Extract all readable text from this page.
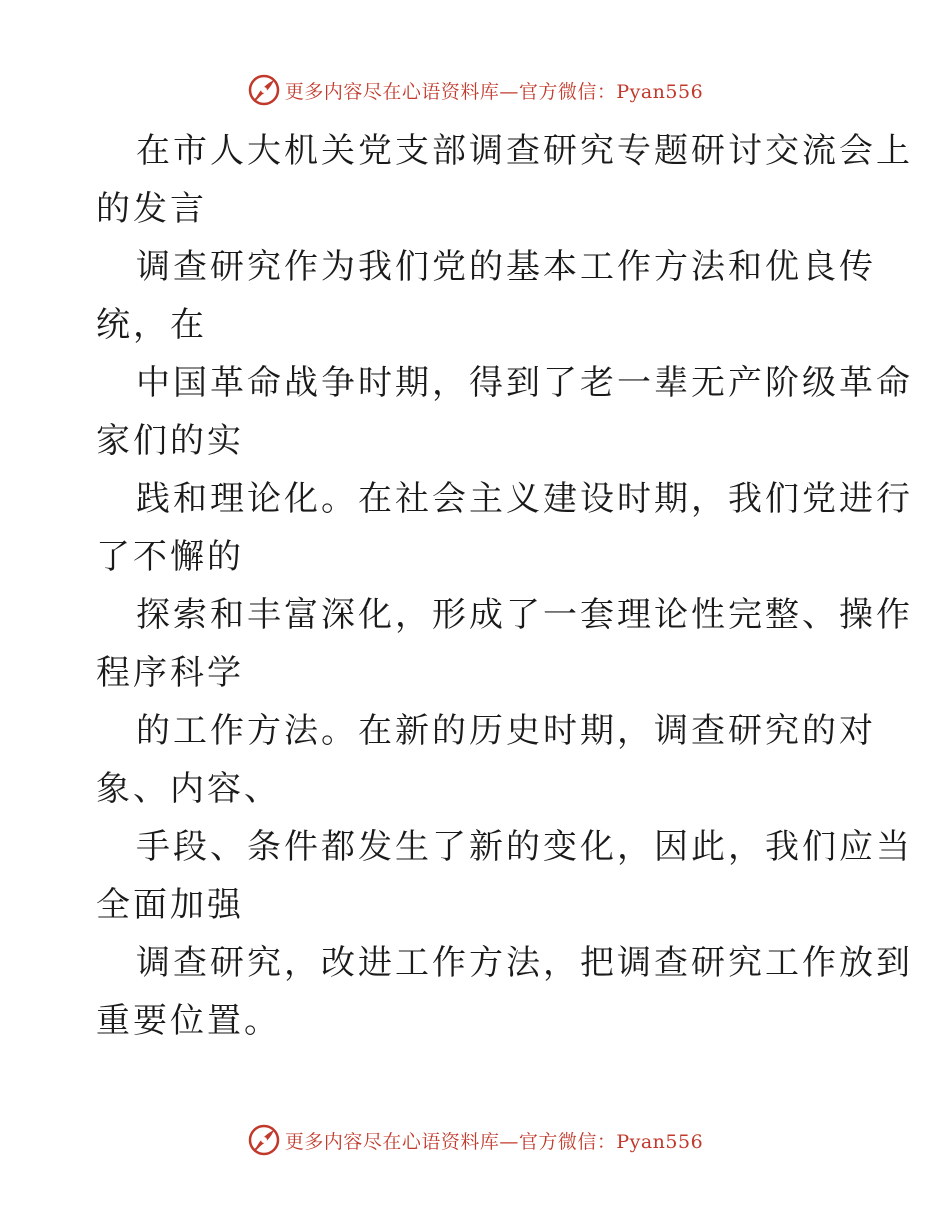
更多内容尽在心语资料库—官方微信：Pyan556
在市人大机关党支部调查研究专题研讨交流会上
的发言
调查研究作为我们党的基本工作方法和优良传
统，在
中国革命战争时期，得到了老一辈无产阶级革命
家们的实
践和理论化。在社会主义建设时期，我们党进行
了不懈的
探索和丰富深化，形成了一套理论性完整、操作
程序科学
的工作方法。在新的历史时期，调查研究的对
象、内容、
手段、条件都发生了新的变化，因此，我们应当
全面加强
调查研究，改进工作方法，把调查研究工作放到
重要位置。
更多内容尽在心语资料库—官方微信：Pyan556
